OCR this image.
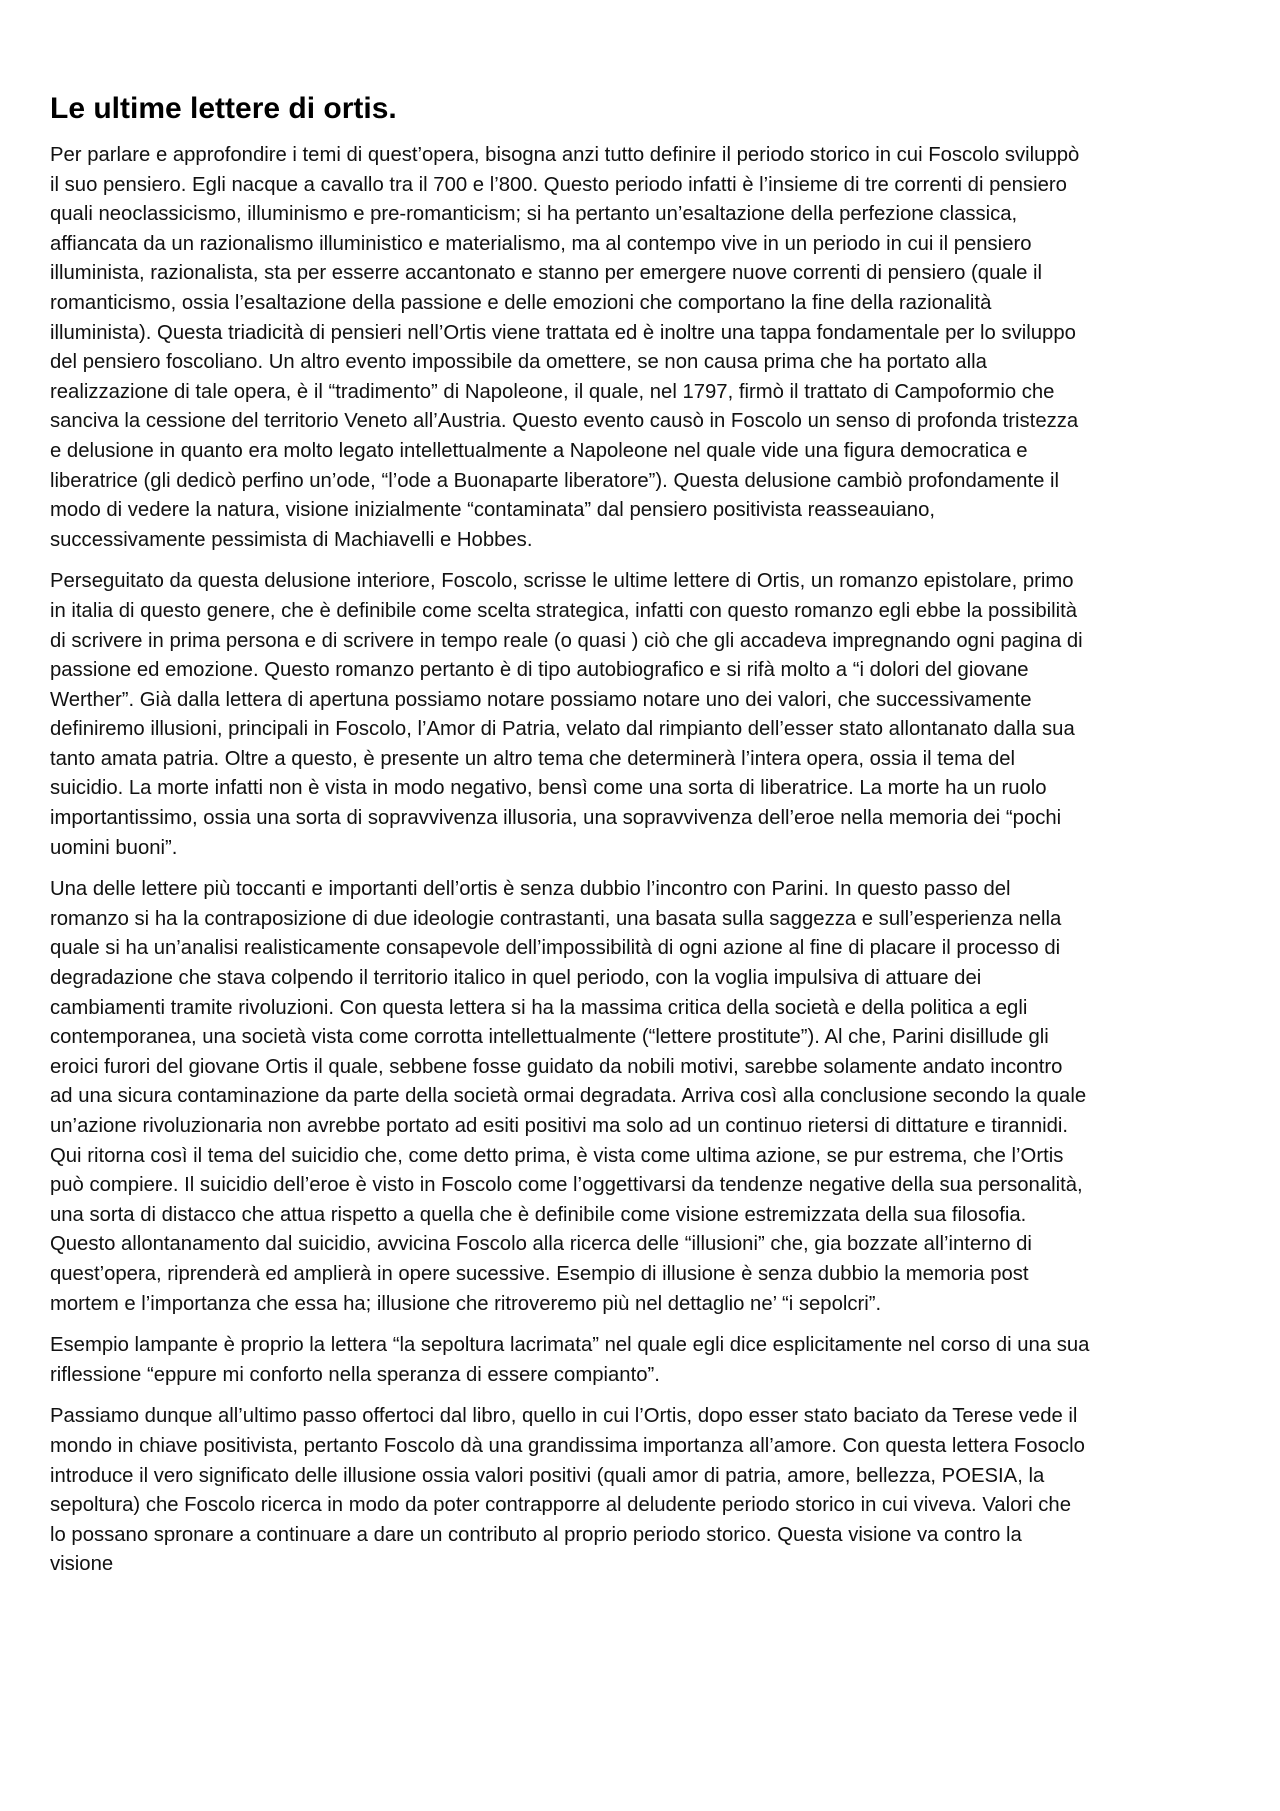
Le ultime lettere di ortis.

Per parlare e approfondire i temi di quest’opera, bisogna anzi tutto definire il periodo storico in cui Foscolo sviluppò il suo pensiero. Egli nacque a cavallo tra il 700 e l’800. Questo periodo infatti è l’insieme di tre correnti di pensiero quali neoclassicismo, illuminismo e pre-romanticism; si ha pertanto un’esaltazione della perfezione classica, affiancata da un razionalismo illuministico e materialismo, ma al contempo vive in un periodo in cui il pensiero illuminista, razionalista, sta per esserre accantonato e stanno per emergere nuove correnti di pensiero (quale il romanticismo, ossia l’esaltazione della passione e delle emozioni che comportano la fine della razionalità illuminista). Questa triadicità di pensieri nell’Ortis viene trattata ed è inoltre una tappa fondamentale per lo sviluppo del pensiero foscoliano. Un altro evento impossibile da omettere, se non causa prima che ha portato alla realizzazione di tale opera, è il “tradimento” di Napoleone, il quale, nel 1797, firmò il trattato di Campoformio che sanciva la cessione del territorio Veneto all’Austria. Questo evento causò in Foscolo un senso di profonda tristezza e delusione in quanto era molto legato intellettualmente a Napoleone nel quale vide una figura democratica e liberatrice (gli dedicò perfino un’ode, “l’ode a Buonaparte liberatore”). Questa delusione cambiò profondamente il modo di vedere la natura, visione inizialmente “contaminata” dal pensiero positivista reasseauiano, successivamente pessimista di Machiavelli e Hobbes.

Perseguitato da questa delusione interiore, Foscolo, scrisse le ultime lettere di Ortis, un romanzo epistolare, primo in italia di questo genere, che è definibile come scelta strategica, infatti con questo romanzo egli ebbe la possibilità di scrivere in prima persona e di scrivere in tempo reale (o quasi ) ciò che gli accadeva impregnando ogni pagina di passione ed emozione. Questo romanzo pertanto è di tipo autobiografico e si rifà molto a “i dolori del giovane Werther”. Già dalla lettera di apertuna possiamo notare possiamo notare uno dei valori, che successivamente definiremo illusioni, principali in Foscolo, l’Amor di Patria, velato dal rimpianto dell’esser stato allontanato dalla sua tanto amata patria. Oltre a questo, è presente un altro tema che determinerà l’intera opera, ossia il tema del suicidio. La morte infatti non è vista in modo negativo, bensì come una sorta di liberatrice. La morte ha un ruolo importantissimo, ossia una sorta di sopravvivenza illusoria, una sopravvivenza dell’eroe nella memoria dei “pochi uomini buoni”.

Una delle lettere più toccanti e importanti dell’ortis è senza dubbio l’incontro con Parini. In questo passo del romanzo si ha la contraposizione di due ideologie contrastanti, una basata sulla saggezza e sull’esperienza nella quale si ha un’analisi realisticamente consapevole dell’impossibilità di ogni azione al fine di placare il processo di degradazione che stava colpendo il territorio italico in quel periodo, con la voglia impulsiva di attuare dei cambiamenti tramite rivoluzioni. Con questa lettera si ha la massima critica della società e della politica a egli contemporanea, una società vista come corrotta intellettualmente (“lettere prostitute”). Al che, Parini disillude gli eroici furori del giovane Ortis il quale, sebbene fosse guidato da nobili motivi, sarebbe solamente andato incontro ad una sicura contaminazione da parte della società ormai degradata. Arriva così alla conclusione secondo la quale un’azione rivoluzionaria non avrebbe portato ad esiti positivi ma solo ad un continuo rietersi di dittature e tirannidi. Qui ritorna così il tema del suicidio che, come detto prima, è vista come ultima azione, se pur estrema, che l’Ortis può compiere. Il suicidio dell’eroe è visto in Foscolo come l’oggettivarsi da tendenze negative della sua personalità, una sorta di distacco che attua rispetto a quella che è definibile come visione estremizzata della sua filosofia. Questo allontanamento dal suicidio, avvicina Foscolo alla ricerca delle “illusioni” che, gia bozzate all’interno di quest’opera, riprenderà ed amplierà in opere sucessive. Esempio di illusione è senza dubbio la memoria post mortem e l’importanza che essa ha; illusione che ritroveremo più nel dettaglio ne’ “i sepolcri”.

Esempio lampante è proprio la lettera “la sepoltura lacrimata” nel quale egli dice esplicitamente nel corso di una sua riflessione “eppure mi conforto nella speranza di essere compianto”.

Passiamo dunque all’ultimo passo offertoci dal libro, quello in cui l’Ortis, dopo esser stato baciato da Terese vede il mondo in chiave positivista, pertanto Foscolo dà una grandissima importanza all’amore. Con questa lettera Fosoclo introduce il vero significato delle illusione ossia valori positivi (quali amor di patria, amore, bellezza, POESIA, la sepoltura) che Foscolo ricerca in modo da poter contrapporre al deludente periodo storico in cui viveva. Valori che lo possano spronare a continuare a dare un contributo al proprio periodo storico. Questa visione va contro la visione
